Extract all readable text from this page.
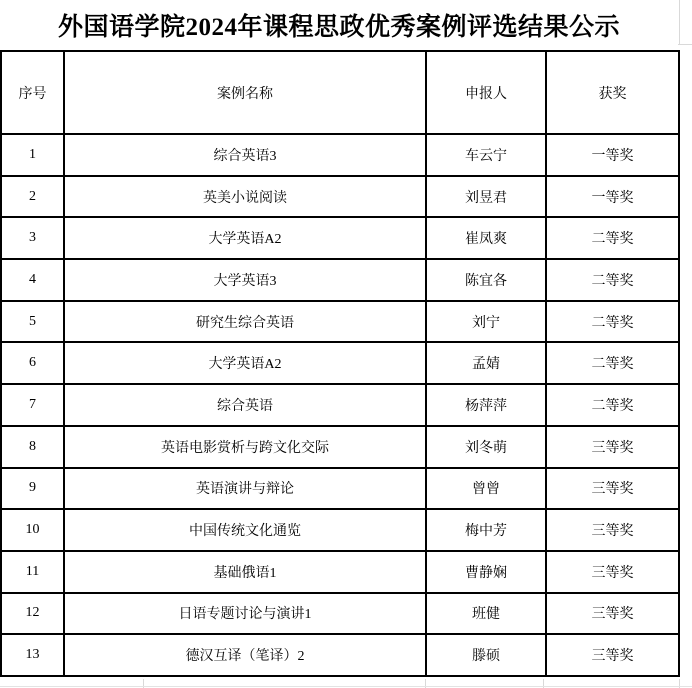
外国语学院2024年课程思政优秀案例评选结果公示
序号	案例名称	申报人	获奖
1	综合英语3	车云宁	一等奖
2	英美小说阅读	刘昱君	一等奖
3	大学英语A2	崔凤爽	二等奖
4	大学英语3	陈宜各	二等奖
5	研究生综合英语	刘宁	二等奖
6	大学英语A2	孟婧	二等奖
7	综合英语	杨萍萍	二等奖
8	英语电影赏析与跨文化交际	刘冬萌	三等奖
9	英语演讲与辩论	曾曾	三等奖
10	中国传统文化通览	梅中芳	三等奖
11	基础俄语1	曹静娴	三等奖
12	日语专题讨论与演讲1	班健	三等奖
13	德汉互译（笔译）2	滕硕	三等奖
